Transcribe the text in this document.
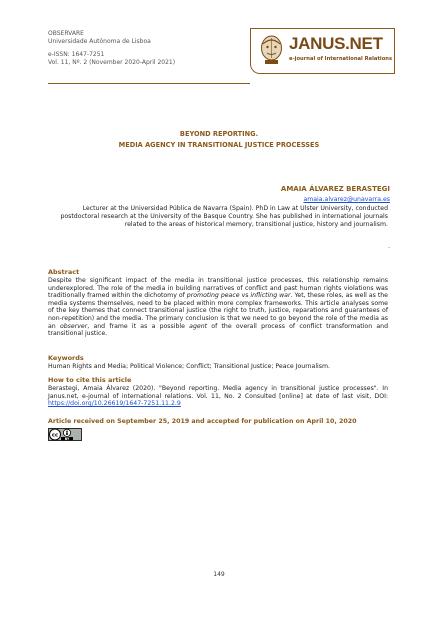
OBSERVARE
Universidade Autónoma de Lisboa
e-ISSN: 1647-7251
Vol. 11, Nº. 2 (November 2020-April 2021)
JANUS.NET
e-journal of International Relations
BEYOND REPORTING.
MEDIA AGENCY IN TRANSITIONAL JUSTICE PROCESSES
AMAIA ÁLVAREZ BERASTEGI
amaia.alvarez@unavarra.es
Lecturer at the Universidad Pública de Navarra (Spain). PhD in Law at Ulster University, conducted postdoctoral research at the University of the Basque Country. She has published in international journals related to the areas of historical memory, transitional justice, history and journalism.
.
Abstract
Despite the significant impact of the media in transitional justice processes, this relationship remains underexplored. The role of the media in building narratives of conflict and past human rights violations was traditionally framed within the dichotomy of promoting peace vs inflicting war. Yet, these roles, as well as the media systems themselves, need to be placed within more complex frameworks. This article analyses some of the key themes that connect transitional justice (the right to truth, justice, reparations and guarantees of non-repetition) and the media. The primary conclusion is that we need to go beyond the role of the media as an observer, and frame it as a possible agent of the overall process of conflict transformation and transitional justice.
Keywords
Human Rights and Media; Political Violence; Conflict; Transitional Justice; Peace Journalism.
How to cite this article
Berastegi, Amaia Álvarez (2020). "Beyond reporting. Media agency in transitional justice processes". In Janus.net, e-journal of international relations. Vol. 11, No. 2 Consulted [online] at date of last visit, DOI: https://doi.org/10.26619/1647-7251.11.2.9
Article received on September 25, 2019 and accepted for publication on April 10, 2020
cc
BY
149
